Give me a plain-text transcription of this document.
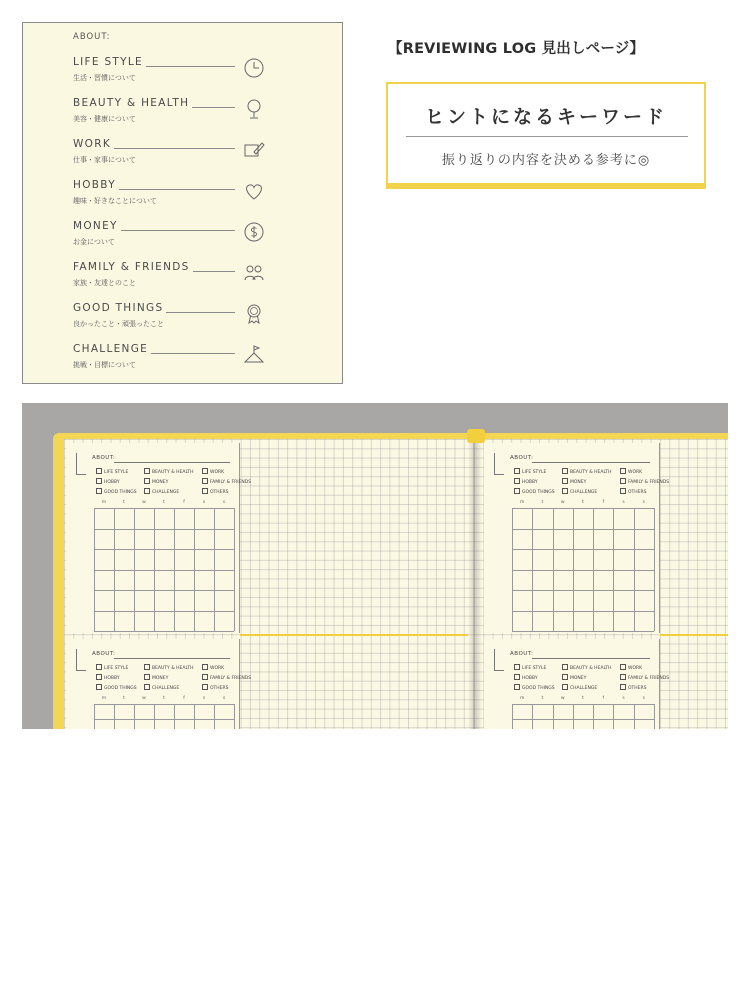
ABOUT:
LIFE STYLE
生活・習慣について
BEAUTY & HEALTH
美容・健康について
WORK
仕事・家事について
HOBBY
趣味・好きなことについて
MONEY
お金について
FAMILY & FRIENDS
家族・友達とのこと
GOOD THINGS
良かったこと・頑張ったこと
CHALLENGE
挑戦・目標について
【REVIEWING LOG 見出しページ】
ヒントになるキーワード
振り返りの内容を決める参考に◎
ABOUT:
LIFE STYLE	BEAUTY & HEALTH	WORK
HOBBY	MONEY	FAMILY & FRIENDS
GOOD THINGS	CHALLENGE	OTHERS
m	t	w	t	f	s	s
ABOUT:
LIFE STYLE	BEAUTY & HEALTH	WORK
HOBBY	MONEY	FAMILY & FRIENDS
GOOD THINGS	CHALLENGE	OTHERS
m	t	w	t	f	s	s
ABOUT:
LIFE STYLE	BEAUTY & HEALTH	WORK
HOBBY	MONEY	FAMILY & FRIENDS
GOOD THINGS	CHALLENGE	OTHERS
m	t	w	t	f	s	s
ABOUT:
LIFE STYLE	BEAUTY & HEALTH	WORK
HOBBY	MONEY	FAMILY & FRIENDS
GOOD THINGS	CHALLENGE	OTHERS
m	t	w	t	f	s	s
